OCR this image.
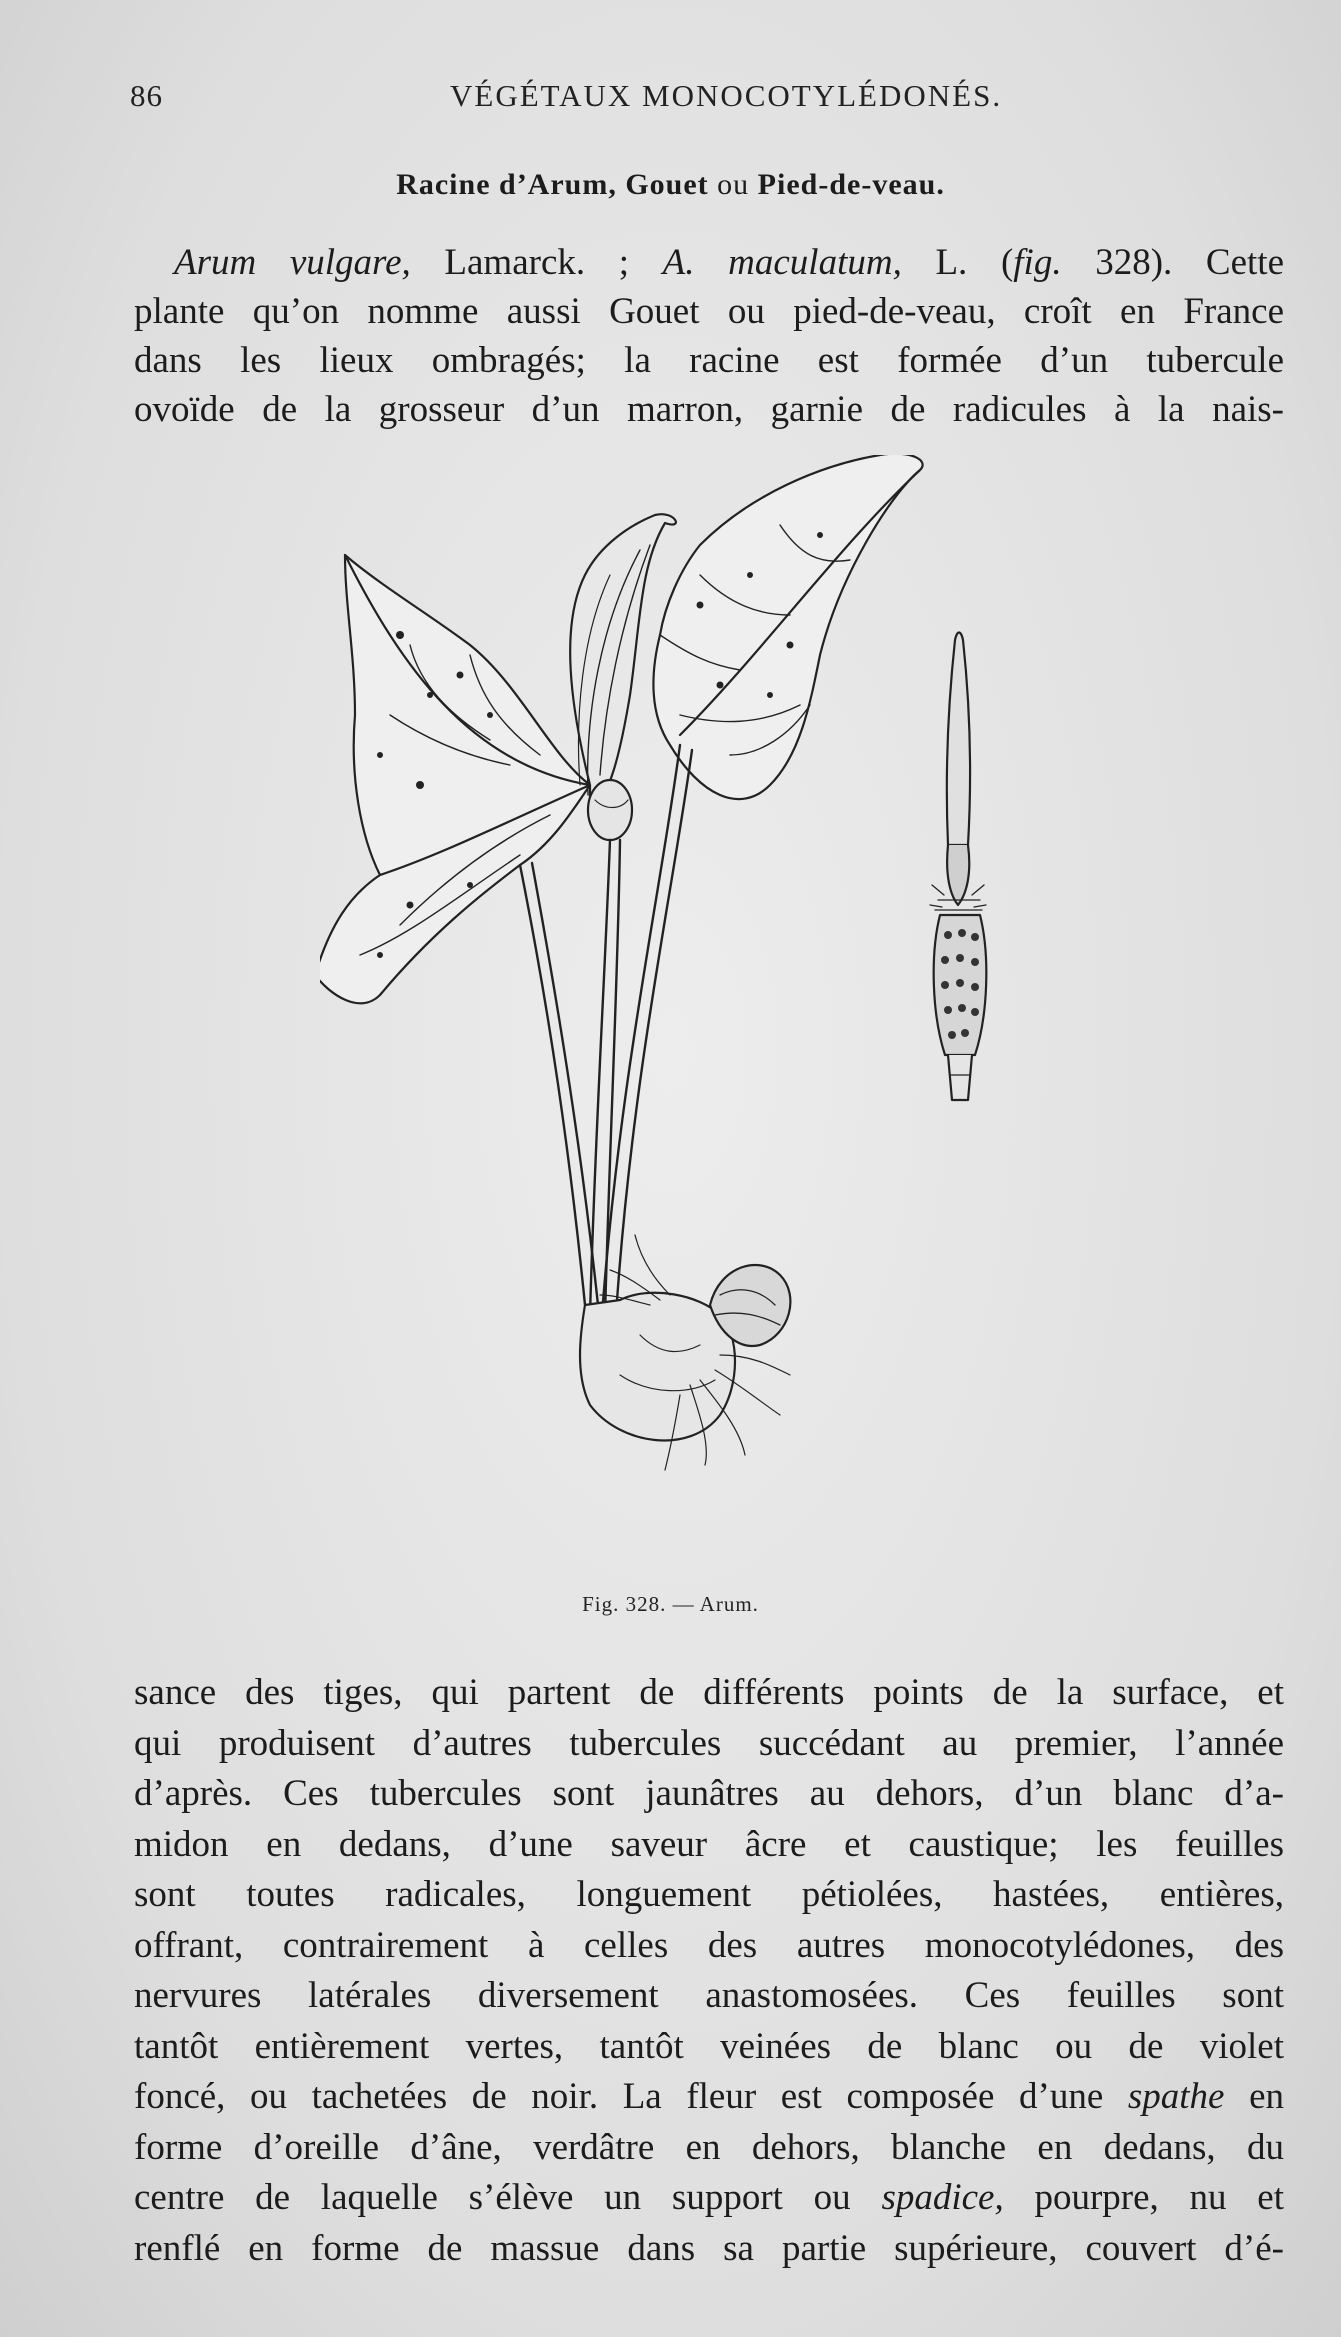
86	VÉGÉTAUX MONOCOTYLÉDONÉS.
Racine d’Arum, Gouet ou Pied-de-veau.
Arum vulgare, Lamarck. ; A. maculatum, L. (fig. 328). Cette
plante qu’on nomme aussi Gouet ou pied-de-veau, croît en France
dans les lieux ombragés; la racine est formée d’un tubercule
ovoïde de la grosseur d’un marron, garnie de radicules à la nais-
Fig. 328. — Arum.
sance des tiges, qui partent de différents points de la surface, et
qui produisent d’autres tubercules succédant au premier, l’année
d’après. Ces tubercules sont jaunâtres au dehors, d’un blanc d’a-
midon en dedans, d’une saveur âcre et caustique; les feuilles
sont toutes radicales, longuement pétiolées, hastées, entières,
offrant, contrairement à celles des autres monocotylédones, des
nervures latérales diversement anastomosées. Ces feuilles sont
tantôt entièrement vertes, tantôt veinées de blanc ou de violet
foncé, ou tachetées de noir. La fleur est composée d’une spathe en
forme d’oreille d’âne, verdâtre en dehors, blanche en dedans, du
centre de laquelle s’élève un support ou spadice, pourpre, nu et
renflé en forme de massue dans sa partie supérieure, couvert d’é-
